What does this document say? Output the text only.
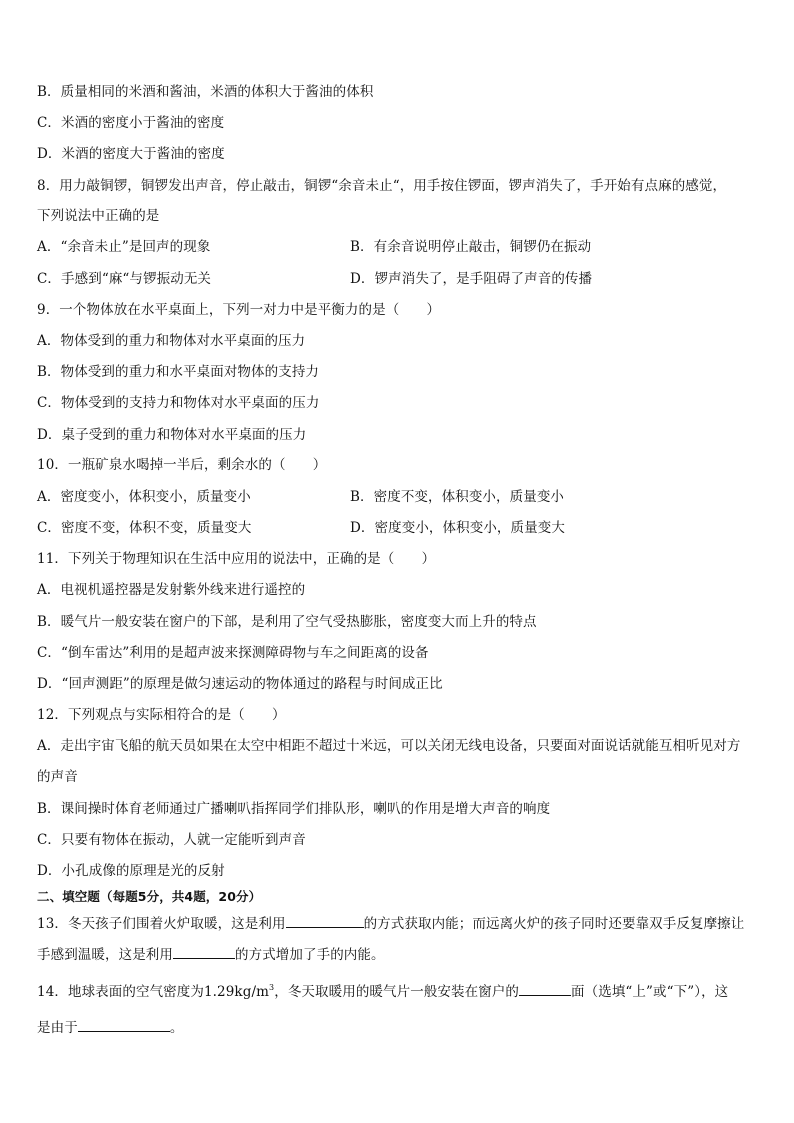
B．质量相同的米酒和酱油，米酒的体积大于酱油的体积
C．米酒的密度小于酱油的密度
D．米酒的密度大于酱油的密度
8．用力敲铜锣，铜锣发出声音，停止敲击，铜锣“余音未止“，用手按住锣面，锣声消失了，手开始有点麻的感觉，
下列说法中正确的是
A．“余音未止”是回声的现象	B．有余音说明停止敲击，铜锣仍在振动
C．手感到“麻“与锣振动无关	D．锣声消失了，是手阻碍了声音的传播
9．一个物体放在水平桌面上，下列一对力中是平衡力的是（　　）
A．物体受到的重力和物体对水平桌面的压力
B．物体受到的重力和水平桌面对物体的支持力
C．物体受到的支持力和物体对水平桌面的压力
D．桌子受到的重力和物体对水平桌面的压力
10．一瓶矿泉水喝掉一半后，剩余水的（　　）
A．密度变小，体积变小，质量变小	B．密度不变，体积变小，质量变小
C．密度不变，体积不变，质量变大	D．密度变小，体积变小，质量变大
11．下列关于物理知识在生活中应用的说法中，正确的是（　　）
A．电视机遥控器是发射紫外线来进行遥控的
B．暖气片一般安装在窗户的下部，是利用了空气受热膨胀，密度变大而上升的特点
C．“倒车雷达”利用的是超声波来探测障碍物与车之间距离的设备
D．“回声测距”的原理是做匀速运动的物体通过的路程与时间成正比
12．下列观点与实际相符合的是（　　）
A．走出宇宙飞船的航天员如果在太空中相距不超过十米远，可以关闭无线电设备，只要面对面说话就能互相听见对方
的声音
B．课间操时体育老师通过广播喇叭指挥同学们排队形，喇叭的作用是增大声音的响度
C．只要有物体在振动，人就一定能听到声音
D．小孔成像的原理是光的反射
二、填空题（每题5分，共4题，20分）
13．冬天孩子们围着火炉取暖，这是利用	的方式获取内能；而远离火炉的孩子同时还要靠双手反复摩擦让
手感到温暖，这是利用	的方式增加了手的内能。
14．地球表面的空气密度为$1.29kg/m^3$，冬天取暖用的暖气片一般安装在窗户的	面（选填“上”或“下”），这
是由于	。
